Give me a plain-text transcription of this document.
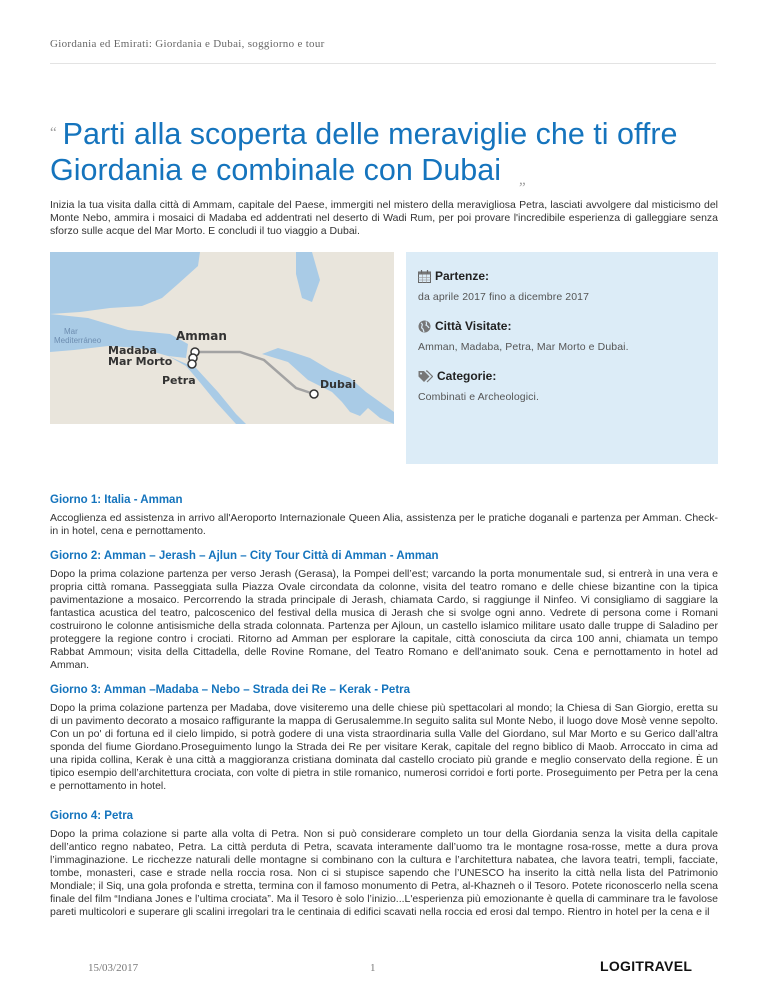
Giordania ed Emirati: Giordania e Dubai, soggiorno e tour
“ Parti alla scoperta delle meraviglie che ti offre Giordania e combinale con Dubai”

Inizia la tua visita dalla città di Ammam, capitale del Paese, immergiti nel mistero della meravigliosa Petra, lasciati avvolgere dal misticismo del Monte Nebo, ammira i mosaici di Madaba ed addentrati nel deserto di Wadi Rum, per poi provare l'incredibile esperienza di galleggiare senza sforzo sulle acque del Mar Morto. E concludi il tuo viaggio a Dubai.

Mar
Mediterráneo	Amman
Madaba
Mar Morto
Petra	Dubai
Partenze:
da aprile 2017 fino a dicembre 2017
Città Visitate:
Amman, Madaba, Petra, Mar Morto e Dubai.
Categorie:
Combinati e Archeologici.
Giorno 1: Italia - Amman

Accoglienza ed assistenza in arrivo all'Aeroporto Internazionale Queen Alia, assistenza per le pratiche doganali e partenza per Amman. Check-in in hotel, cena e pernottamento.

Giorno 2: Amman – Jerash – Ajlun – City Tour Città di Amman - Amman

Dopo la prima colazione partenza per verso Jerash (Gerasa), la Pompei dell’est; varcando la porta monumentale sud, si entrerà in una vera e propria città romana. Passeggiata sulla Piazza Ovale circondata da colonne, visita del teatro romano e delle chiese bizantine con la tipica pavimentazione a mosaico. Percorrendo la strada principale di Jerash, chiamata Cardo, si raggiunge il Ninfeo. Vi consigliamo di saggiare la fantastica acustica del teatro, palcoscenico del festival della musica di Jerash che si svolge ogni anno. Vedrete di persona come i Romani costruirono le colonne antisismiche della strada colonnata. Partenza per Ajloun, un castello islamico militare usato dalle truppe di Saladino per proteggere la regione contro i crociati. Ritorno ad Amman per esplorare la capitale, città conosciuta da circa 100 anni, chiamata un tempo Rabbat Ammoun; visita della Cittadella, delle Rovine Romane, del Teatro Romano e dell'animato souk. Cena e pernottamento in hotel ad Amman.

Giorno 3: Amman –Madaba – Nebo – Strada dei Re – Kerak - Petra

Dopo la prima colazione partenza per Madaba, dove visiteremo una delle chiese più spettacolari al mondo; la Chiesa di San Giorgio, eretta su di un pavimento decorato a mosaico raffigurante la mappa di Gerusalemme.In seguito salita sul Monte Nebo, il luogo dove Mosè venne sepolto. Con un po' di fortuna ed il cielo limpido, si potrà godere di una vista straordinaria sulla Valle del Giordano, sul Mar Morto e su Gerico dall’altra sponda del fiume Giordano.Proseguimento lungo la Strada dei Re per visitare Kerak, capitale del regno biblico di Maob. Arroccato in cima ad una ripida collina, Kerak è una città a maggioranza cristiana dominata dal castello crociato più grande e meglio conservato della regione. È un tipico esempio dell’architettura crociata, con volte di pietra in stile romanico, numerosi corridoi e forti porte. Proseguimento per Petra per la cena e pernottamento in hotel.

Giorno 4: Petra

Dopo la prima colazione si parte alla volta di Petra. Non si può considerare completo un tour della Giordania senza la visita della capitale dell’antico regno nabateo, Petra. La città perduta di Petra, scavata interamente dall’uomo tra le montagne rosa-rosse, mette a dura prova l’immaginazione. Le ricchezze naturali delle montagne si combinano con la cultura e l’architettura nabatea, che lavora teatri, templi, facciate, tombe, monasteri, case e strade nella roccia rosa. Non ci si stupisce sapendo che l’UNESCO ha inserito la città nella lista del Patrimonio Mondiale; il Siq, una gola profonda e stretta, termina con il famoso monumento di Petra, al-Khazneh o il Tesoro. Potete riconoscerlo nella scena finale del film “Indiana Jones e l’ultima crociata”. Ma il Tesoro è solo l’inizio...L'esperienza più emozionante è quella di camminare tra le favolose pareti multicolori e superare gli scalini irregolari tra le centinaia di edifici scavati nella roccia ed erosi dal tempo. Rientro in hotel per la cena e il

15/03/2017	1	LOGITRAVEL
